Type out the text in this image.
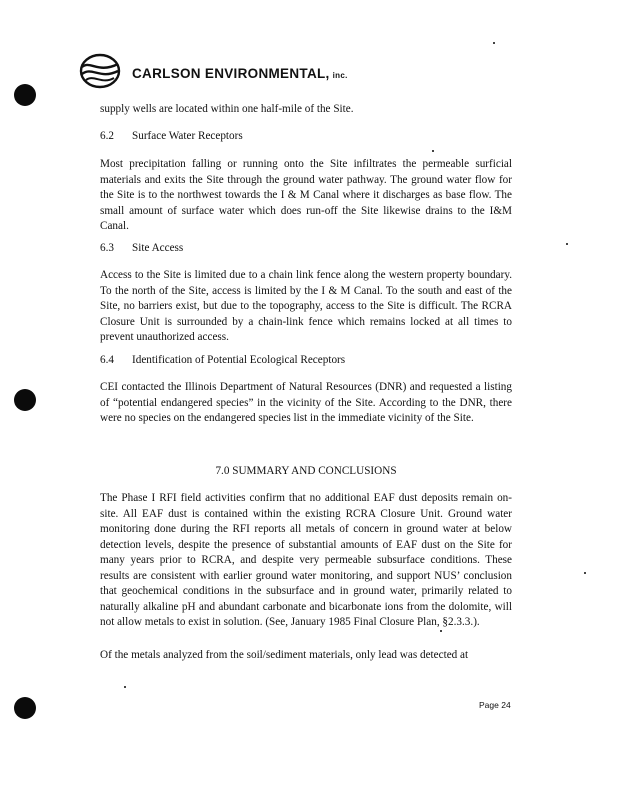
CARLSON ENVIRONMENTAL, inc.

supply wells are located within one half-mile of the Site.

6.2 Surface Water Receptors

Most precipitation falling or running onto the Site infiltrates the permeable surficial materials and exits the Site through the ground water pathway. The ground water flow for the Site is to the northwest towards the I & M Canal where it discharges as base flow. The small amount of surface water which does run-off the Site likewise drains to the I&M Canal.

6.3 Site Access

Access to the Site is limited due to a chain link fence along the western property boundary. To the north of the Site, access is limited by the I & M Canal. To the south and east of the Site, no barriers exist, but due to the topography, access to the Site is difficult. The RCRA Closure Unit is surrounded by a chain-link fence which remains locked at all times to prevent unauthorized access.

6.4 Identification of Potential Ecological Receptors

CEI contacted the Illinois Department of Natural Resources (DNR) and requested a listing of “potential endangered species” in the vicinity of the Site. According to the DNR, there were no species on the endangered species list in the immediate vicinity of the Site.

7.0 SUMMARY AND CONCLUSIONS

The Phase I RFI field activities confirm that no additional EAF dust deposits remain on-site. All EAF dust is contained within the existing RCRA Closure Unit. Ground water monitoring done during the RFI reports all metals of concern in ground water at below detection levels, despite the presence of substantial amounts of EAF dust on the Site for many years prior to RCRA, and despite very permeable subsurface conditions. These results are consistent with earlier ground water monitoring, and support NUS’ conclusion that geochemical conditions in the subsurface and in ground water, primarily related to naturally alkaline pH and abundant carbonate and bicarbonate ions from the dolomite, will not allow metals to exist in solution. (See, January 1985 Final Closure Plan, §2.3.3.).

Of the metals analyzed from the soil/sediment materials, only lead was detected at

Page 24
